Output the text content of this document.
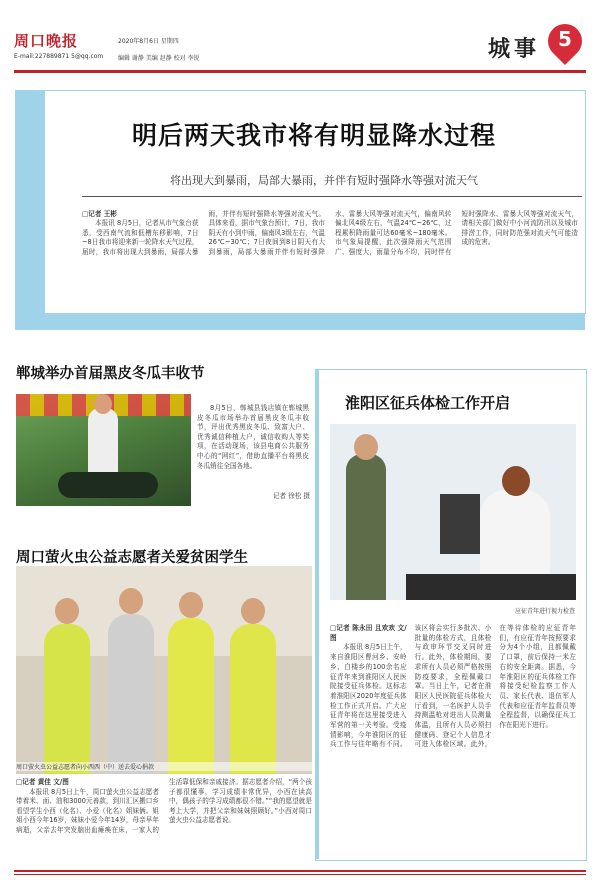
周口晚报
E-mail:227889871 5@qq.com
2020年8月6日 星期四
编辑 谢静 美编 赵静 校对 李锐	城事 5
明后两天我市将有明显降水过程
将出现大到暴雨，局部大暴雨，并伴有短时强降水等强对流天气
□记者 王彬

本报讯 8月5日，记者从市气象台获悉，受西南气流和低槽东移影响，7日~8日我市将迎来新一轮降水天气过程，届时，我市将出现大到暴雨，局部大暴雨，并伴有短时强降水等强对流天气。具体来看，据市气象台预计，7日，我市阴天有小到中雨，偏南风3级左右，气温26℃~30℃；7日夜间到8日阴天有大到暴雨，局部大暴雨并伴有短时强降水、雷暴大风等强对流天气，偏南风转偏北风4级左右，气温24℃~26℃，过程累积降雨量可达60毫米~180毫米。市气象局提醒，此次强降雨天气范围广、强度大，雨量分布不均，同时伴有短时强降水、雷暴大风等强对流天气，请相关部门做好中小河流防汛以及城市排涝工作，同时防范强对流天气可能造成的危害。

郸城举办首届黑皮冬瓜丰收节

8月5日，郸城县钱店镇在郸城黑皮冬瓜市场举办首届黑皮冬瓜丰收节，评出优秀黑皮冬瓜、致富大户、优秀诚信种植大户，诚信收购人等奖项，在活动现场，该县电商公共服务中心的“网红”，借助直播平台将黑皮冬瓜销往全国各地。

记者 徐松 摄
周口萤火虫公益志愿者关爱贫困学生
周口萤火虫公益志愿者向小西西（中）送去爱心捐款
□记者 黄佳 文/图

本报讯 8月5日上午，周口萤火虫公益志愿者带着米、面、油和3000元善款，到川汇区搬口乡看望学生小西（化名）、小爱（化名）姐妹俩。姐姐小西今年16岁，妹妹小爱今年14岁，母亲早年病逝，父亲去年突发脑出血瘫痪在床，一家人的生活靠低保和亲戚接济。据志愿者介绍，“两个孩子都很懂事，学习成绩非常优异，小西在读高中，偶孩子的学习成绩都很不错。”“我的愿望就是考上大学，并把父亲和妹妹照顾好。”小西对周口萤火虫公益志愿者说。

淮阳区征兵体检工作开启
应征青年进行视力检查
□记者 陈永田 且欢欢 文/图

本报讯 8月5日上午，来自淮阳区曹河乡、安岭乡、白楼乡的100余名应征青年来到淮阳区人民医院接受征兵体检。这标志着淮阳区2020年度征兵体检工作正式开启。广大应征青年将在这里接受进入军营的第一关考验。受疫情影响，今年淮阳区的征兵工作与往年略有不同。该区将会实行多批次、小批量的体检方式，且体检与政审环节交叉同时进行。此外，体检期间，要求所有人员必须严格按照防疫要求，全程佩戴口罩。当日上午，记者在淮阳区人民医院征兵体检大厅看到，一名医护人员手持测温枪对进出人员测量体温，且所有人员必须扫健康码、登记个人信息才可进入体检区域。此外，在等待体检的应征青年们，有应征青年按照要求分为4个小组，且都佩戴了口罩，前后保持一米左右的安全距离。据悉，今年淮阳区的征兵体检工作将接受纪检监察工作人员、家长代表、退伍军人代表和应征青年监督员等全程监督，以确保征兵工作在阳光下进行。
